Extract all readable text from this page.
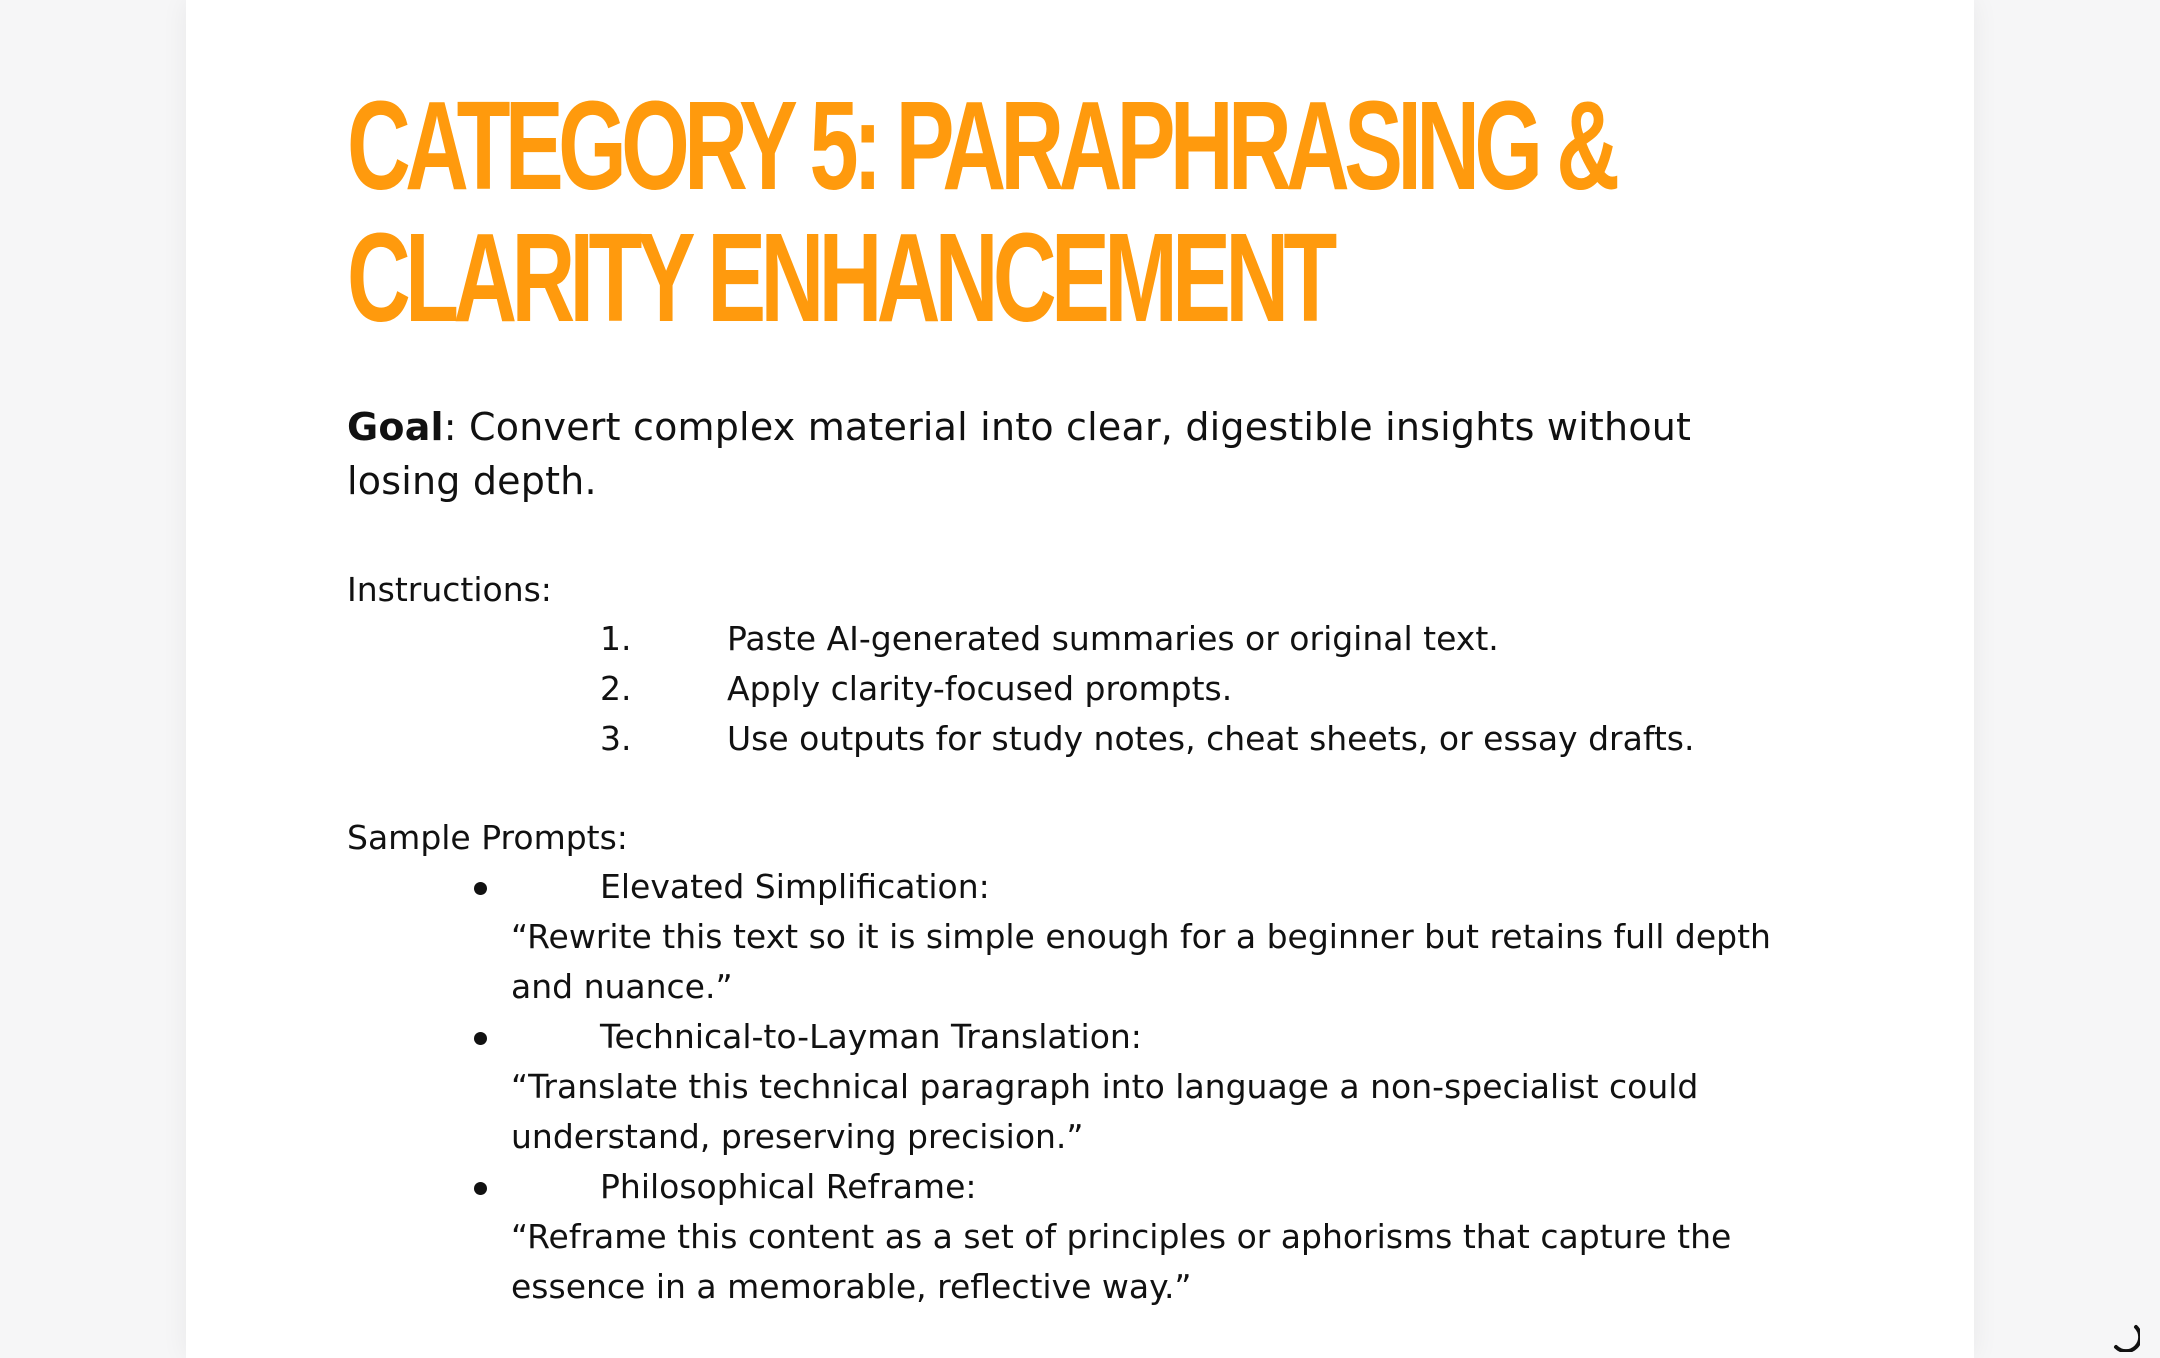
CATEGORY 5: PARAPHRASING &
CLARITY ENHANCEMENT

Goal: Convert complex material into clear, digestible insights without losing depth.

Instructions:
1.	Paste AI-generated summaries or original text.
2.	Apply clarity-focused prompts.
3.	Use outputs for study notes, cheat sheets, or essay drafts.
Sample Prompts:
Elevated Simplification:
“Rewrite this text so it is simple enough for a beginner but retains full depth and nuance.”
Technical-to-Layman Translation:
“Translate this technical paragraph into language a non-specialist could understand, preserving precision.”
Philosophical Reframe:
“Reframe this content as a set of principles or aphorisms that capture the essence in a memorable, reflective way.”
